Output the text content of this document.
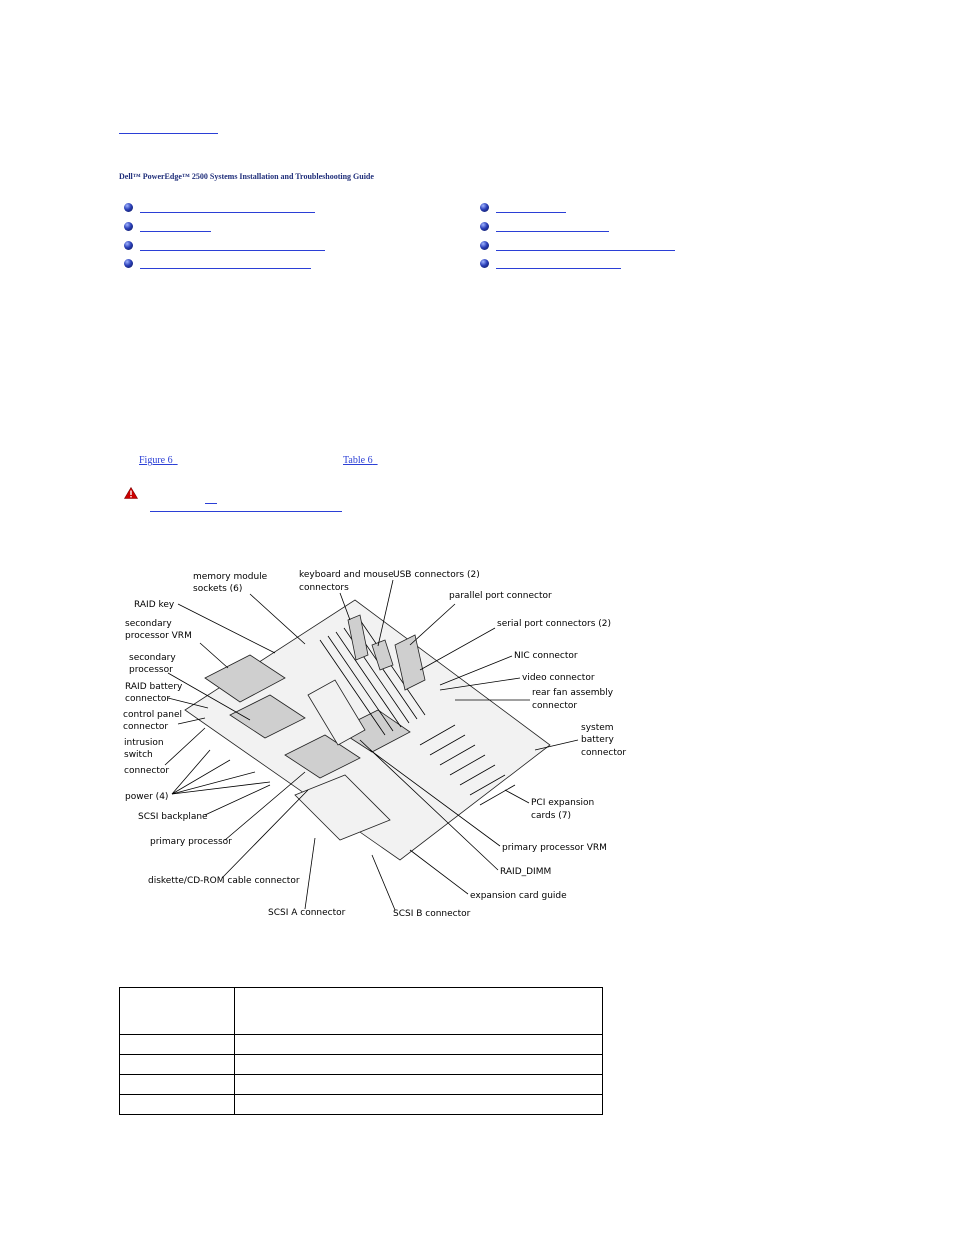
Dell™ PowerEdge™ 2500 Systems Installation and Troubleshooting Guide
Figure 6	Table 6
memory module
sockets (6)
keyboard and mouse
connectors
USB connectors (2)
parallel port connector
RAID key
secondary
processor VRM
serial port connectors (2)
secondary
processor
NIC connector
RAID battery
connector
video connector
rear fan assembly
connector
control panel
connector	system
battery
connector
intrusion
switch
connector
power (4)
PCI expansion
cards (7)
SCSI backplane
primary processor
primary processor VRM
RAID_DIMM
diskette/CD-ROM cable connector
expansion card guide
SCSI A connector	SCSI B connector
